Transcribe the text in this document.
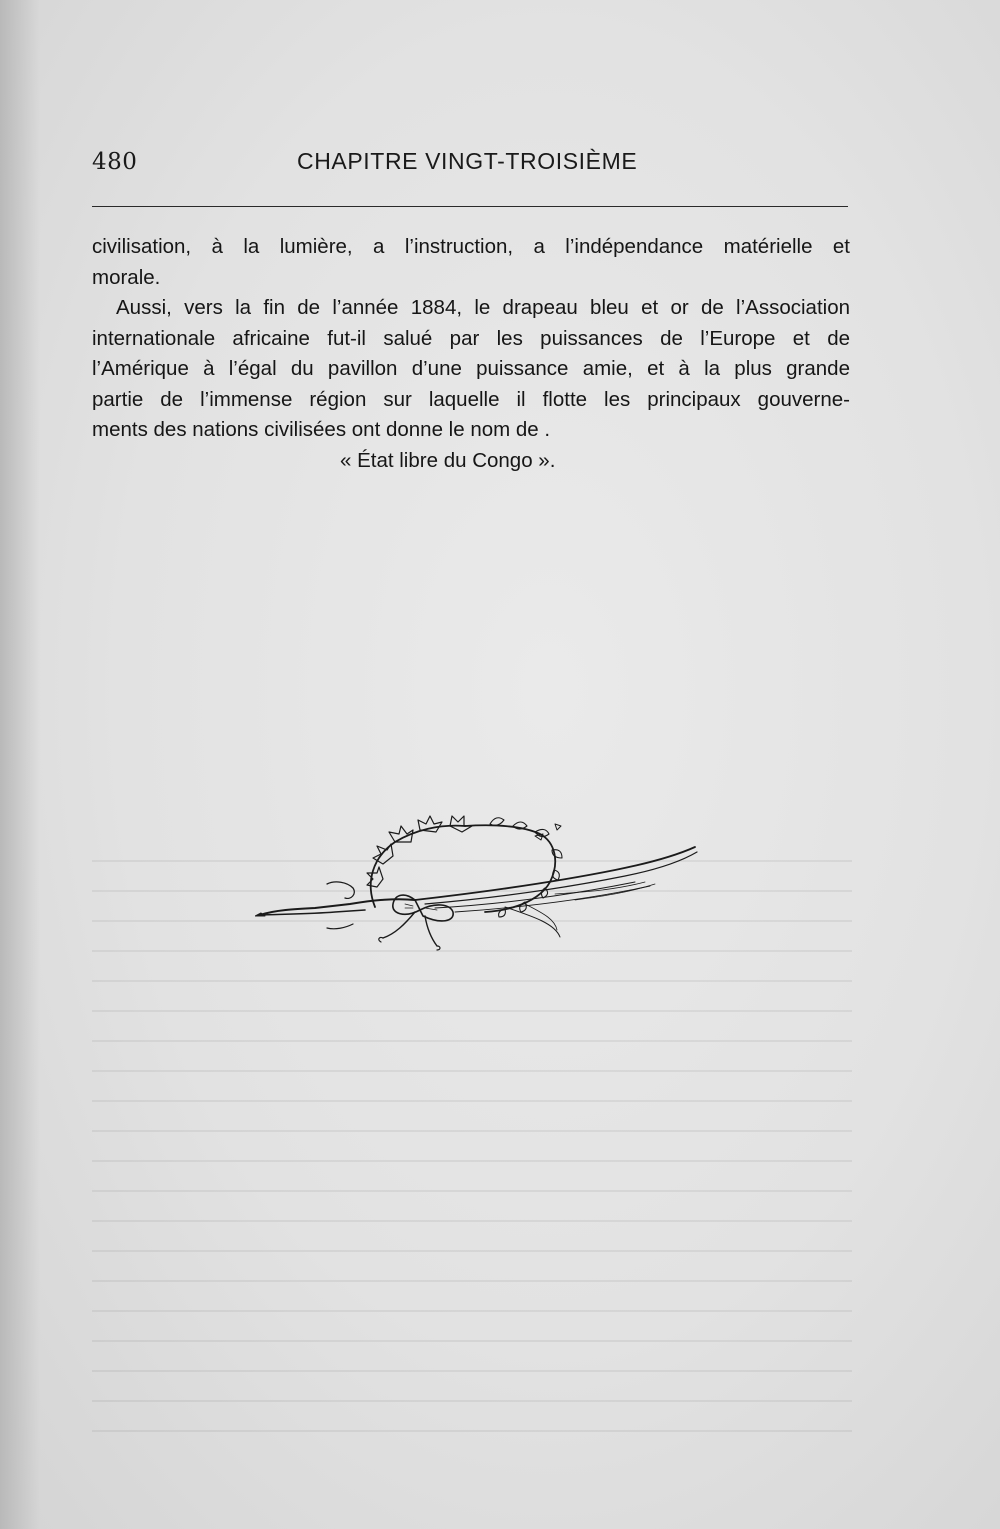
480	CHAPITRE VINGT-TROISIÈME

civilisation, à la lumière, a l’instruction, a l’indépendance matérielle et

morale.

Aussi, vers la fin de l’année 1884, le drapeau bleu et or de l’Association

internationale africaine fut-il salué par les puissances de l’Europe et de

l’Amérique à l’égal du pavillon d’une puissance amie, et à la plus grande

partie de l’immense région sur laquelle il flotte les principaux gouverne-

ments des nations civilisées ont donne le nom de .

« État libre du Congo ».
